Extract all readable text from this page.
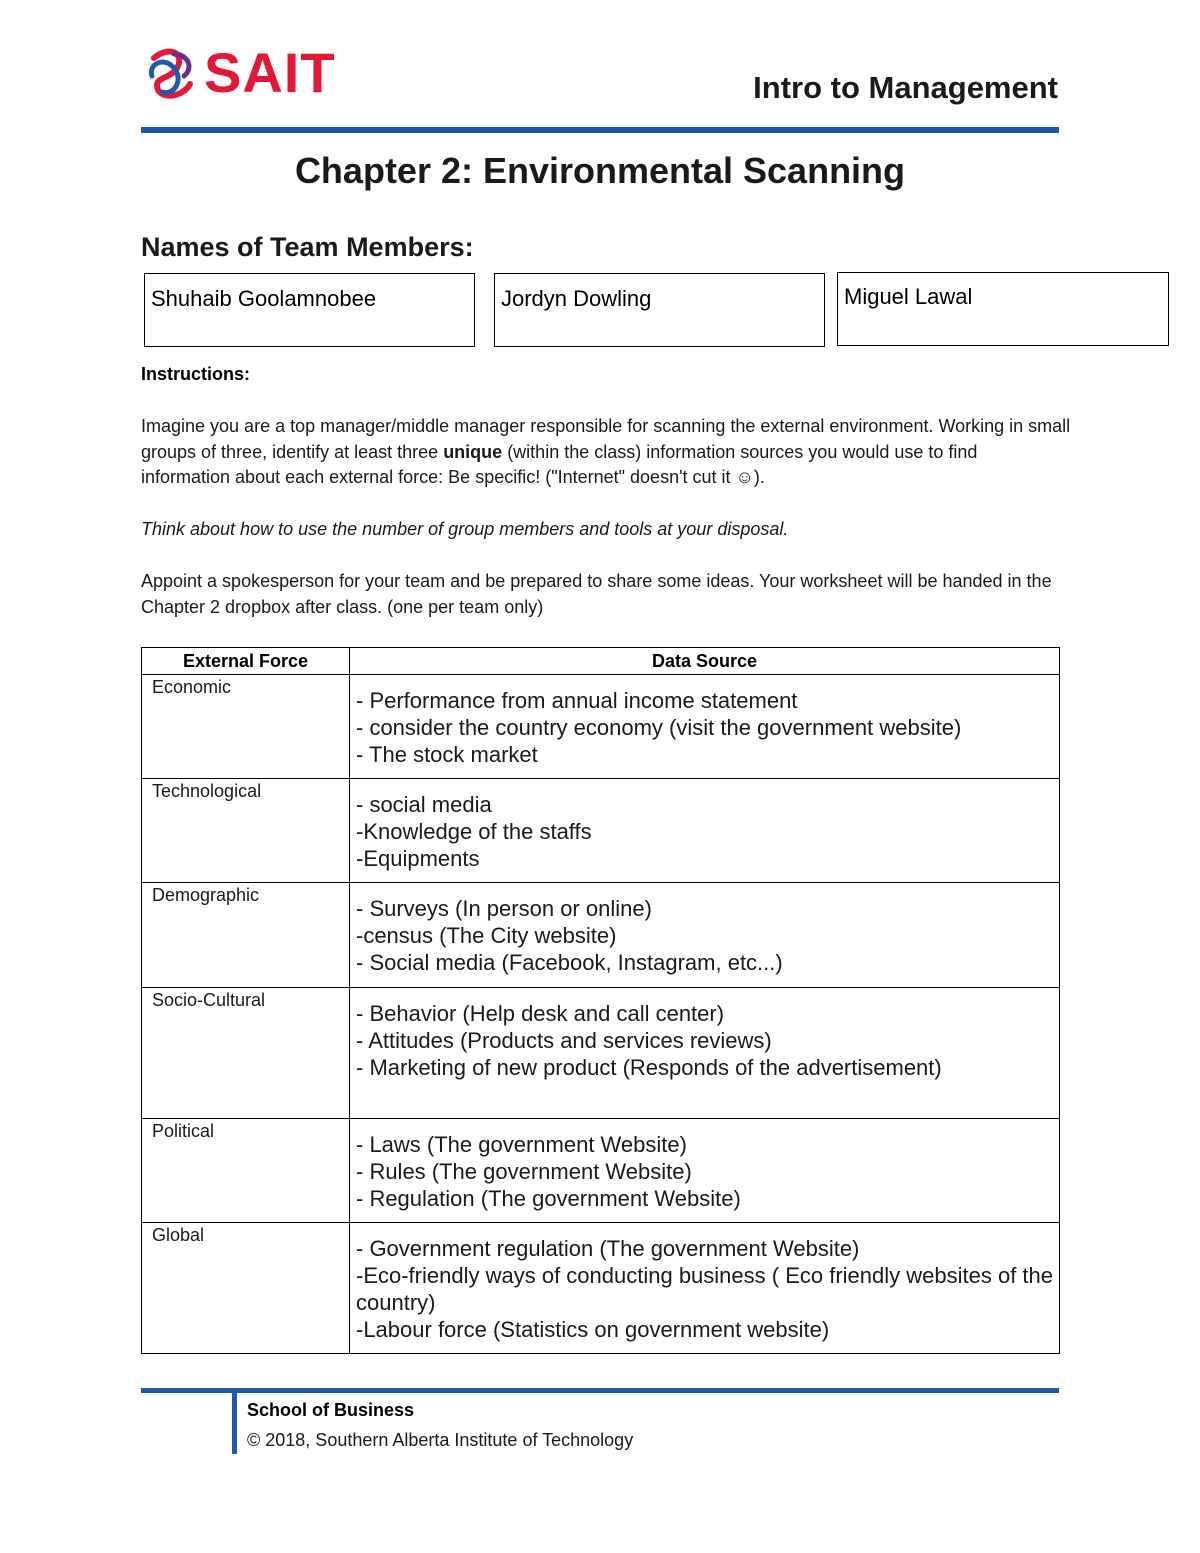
SAIT	Intro to Management
Chapter 2: Environmental Scanning
Names of Team Members:
Shuhaib Goolamnobee	Jordyn Dowling	Miguel Lawal
Instructions:
Imagine you are a top manager/middle manager responsible for scanning the external environment. Working in small groups of three, identify at least three unique (within the class) information sources you would use to find information about each external force: Be specific! ("Internet" doesn't cut it ☺).
Think about how to use the number of group members and tools at your disposal.
Appoint a spokesperson for your team and be prepared to share some ideas. Your worksheet will be handed in the Chapter 2 dropbox after class. (one per team only)
External Force	Data Source
Economic	- Performance from annual income statement
- consider the country economy (visit the government website)
- The stock market

Technological	- social media
-Knowledge of the staffs
-Equipments

Demographic	- Surveys (In person or online)
-census (The City website)
- Social media (Facebook, Instagram, etc...)

Socio-Cultural	- Behavior (Help desk and call center)
- Attitudes (Products and services reviews)
- Marketing of new product (Responds of the advertisement)

Political	- Laws (The government Website)
- Rules (The government Website)
- Regulation (The government Website)

Global	- Government regulation (The government Website)
-Eco-friendly ways of conducting business ( Eco friendly websites of the country)
-Labour force (Statistics on government website)
School of Business
© 2018, Southern Alberta Institute of Technology
